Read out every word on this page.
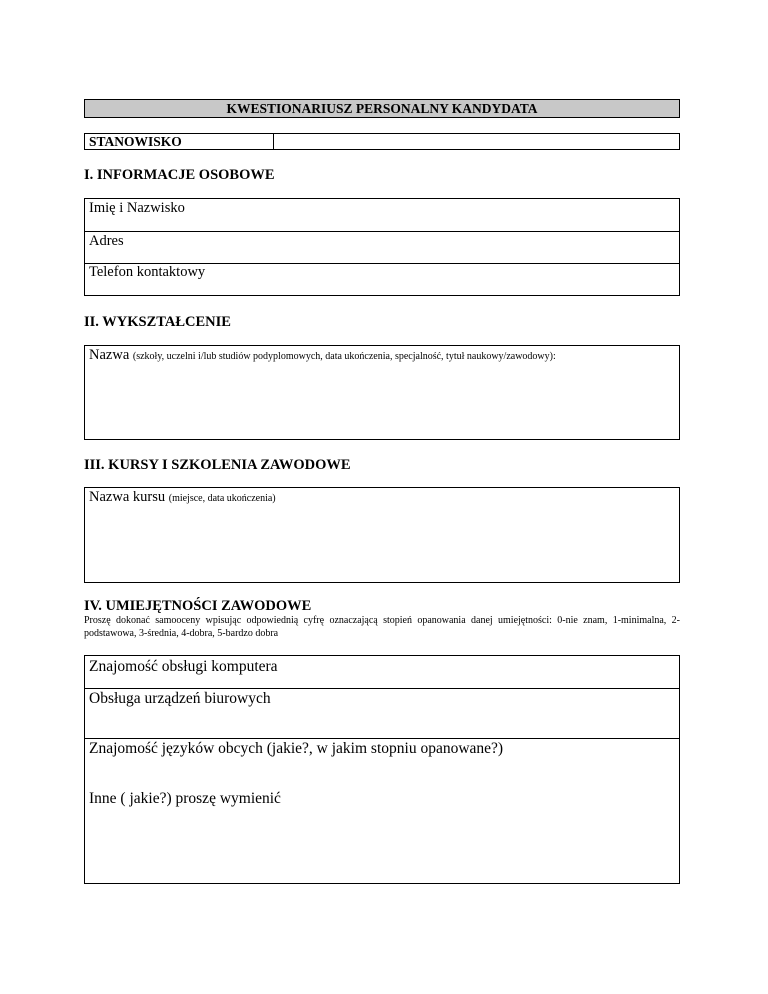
KWESTIONARIUSZ PERSONALNY KANDYDATA
STANOWISKO
I. INFORMACJE OSOBOWE
Imię i Nazwisko
Adres
Telefon kontaktowy
II. WYKSZTAŁCENIE
Nazwa (szkoły, uczelni i/lub studiów podyplomowych, data ukończenia, specjalność, tytuł naukowy/zawodowy):
III. KURSY I SZKOLENIA ZAWODOWE
Nazwa kursu (miejsce, data ukończenia)
IV. UMIEJĘTNOŚCI ZAWODOWE
Proszę dokonać samooceny wpisując odpowiednią cyfrę oznaczającą stopień opanowania danej umiejętności: 0-nie znam, 1-minimalna, 2-podstawowa, 3-średnia, 4-dobra, 5-bardzo dobra
Znajomość obsługi komputera
Obsługa urządzeń biurowych
Znajomość języków obcych (jakie?, w jakim stopniu opanowane?)
Inne ( jakie?) proszę wymienić
